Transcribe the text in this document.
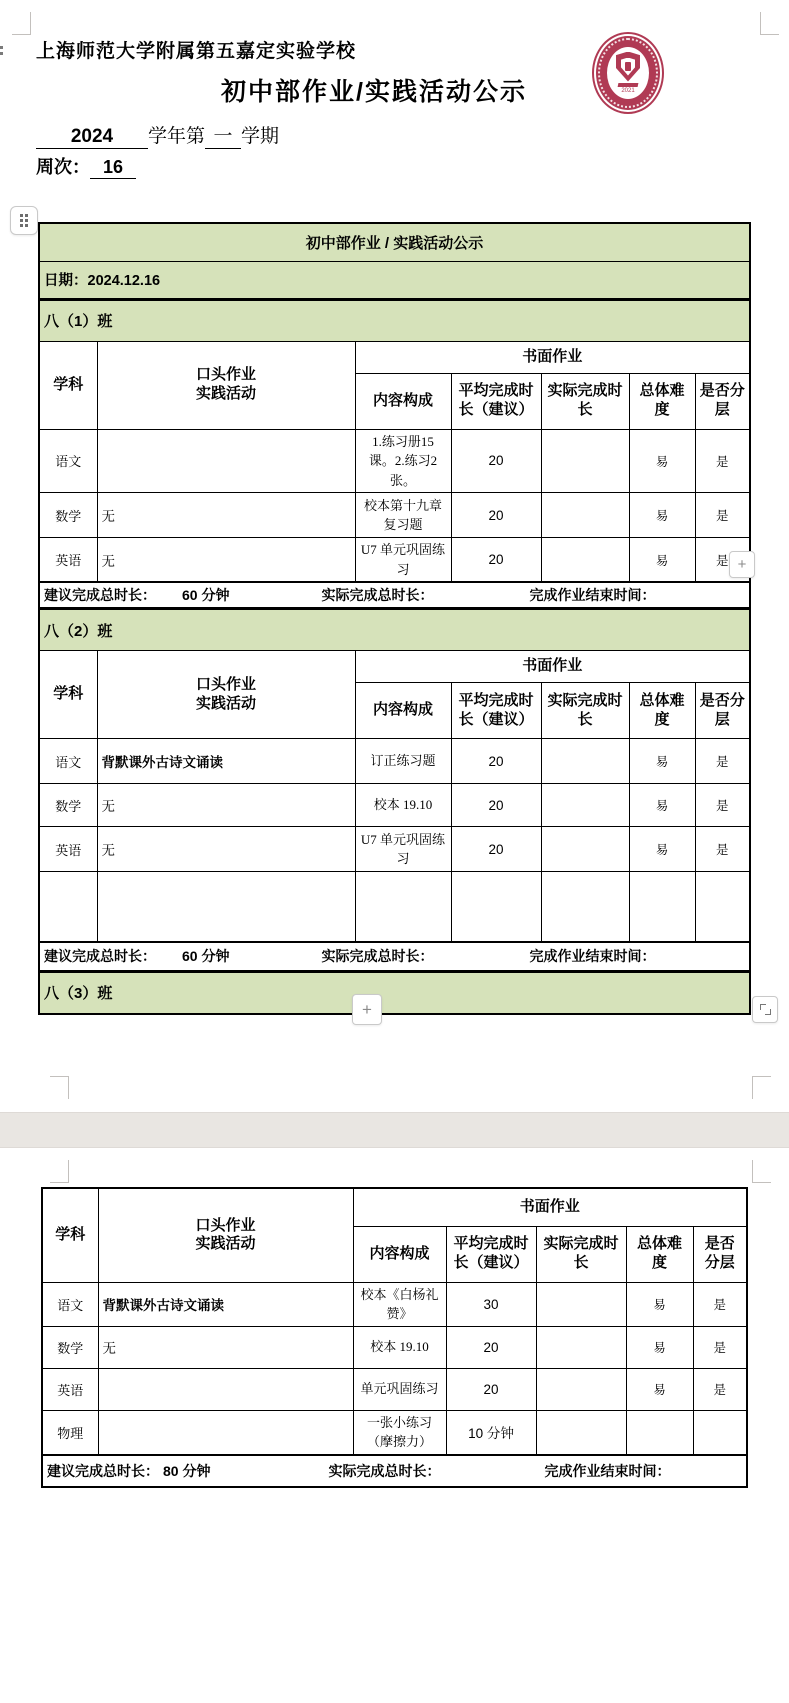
上海师范大学附属第五嘉定实验学校
初中部作业/实践活动公示	2021
2024 学年第 一 学期
周次： 16
初中部作业 / 实践活动公示						
日期：2024.12.16						
八（1）班						
学科	口头作业
实践活动	书面作业				
		内容构成	平均完成时长（建议）	实际完成时长	总体难度	是否分层
语文		1.练习册15课。2.练习2张。	20		易	是
数学	无	校本第十九章复习题	20		易	是
英语	无	U7 单元巩固练习	20		易	是

建议完成总时长： 60 分钟 实际完成总时长： 完成作业结束时间：						

八（2）班						
学科	口头作业
实践活动	书面作业				
		内容构成	平均完成时长（建议）	实际完成时长	总体难度	是否分层
语文	背默课外古诗文诵读	订正练习题	20		易	是
数学	无	校本 19.10	20		易	是
英语	无	U7 单元巩固练习	20		易	是

建议完成总时长： 60 分钟 实际完成总时长： 完成作业结束时间：						

八（3）班						
+
+
学科	口头作业
实践活动	书面作业				
		内容构成	平均完成时长（建议）	实际完成时长	总体难度	是否分层
语文	背默课外古诗文诵读	校本《白杨礼赞》	30		易	是
数学	无	校本 19.10	20		易	是
英语		单元巩固练习	20		易	是
物理		一张小练习（摩擦力）	10 分钟			

建议完成总时长： 80 分钟 实际完成总时长： 完成作业结束时间：						
